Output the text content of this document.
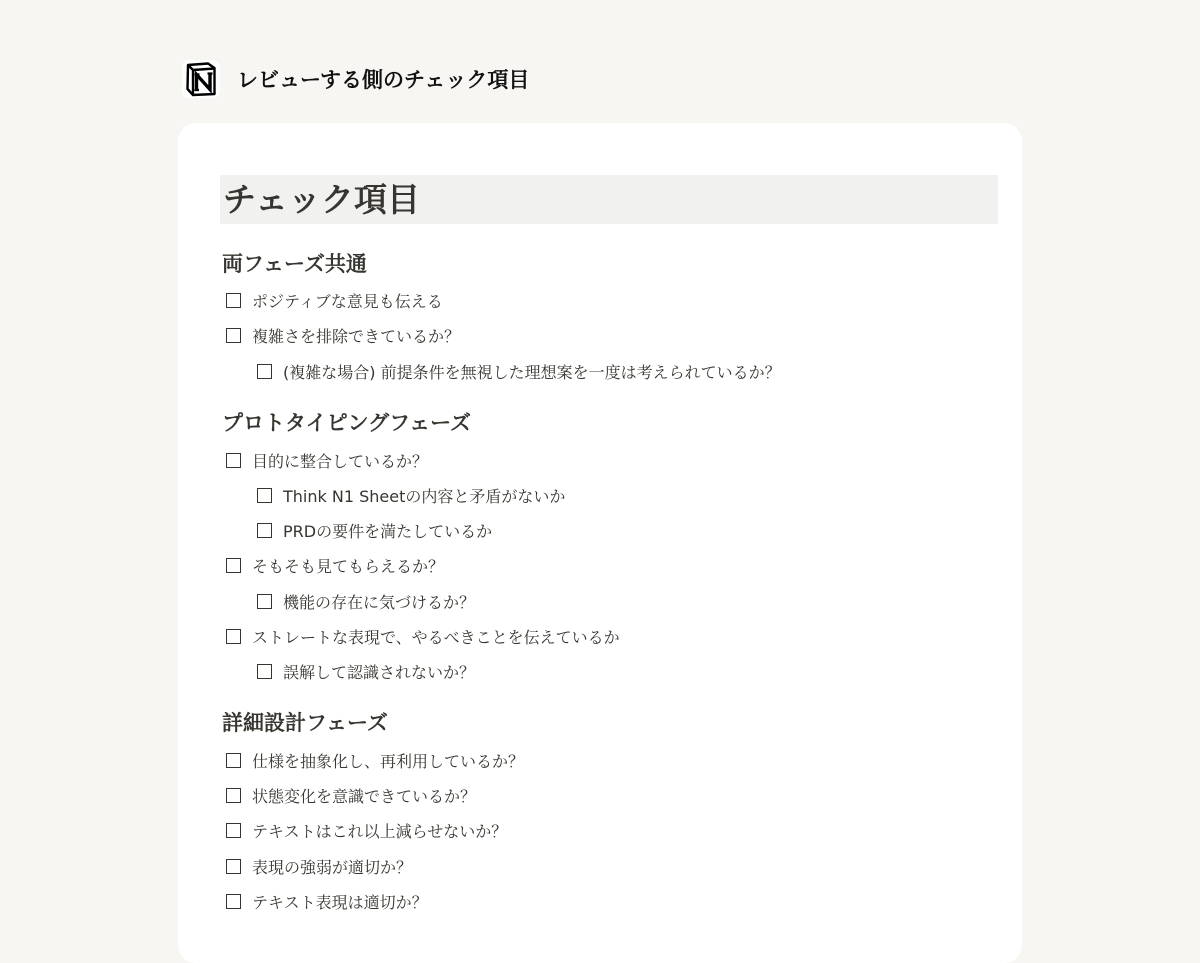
レビューする側のチェック項目
チェック項目
両フェーズ共通
ポジティブな意見も伝える
複雑さを排除できているか？
(複雑な場合) 前提条件を無視した理想案を一度は考えられているか？
プロトタイピングフェーズ
目的に整合しているか？
Think N1 Sheetの内容と矛盾がないか
PRDの要件を満たしているか
そもそも見てもらえるか？
機能の存在に気づけるか？
ストレートな表現で、やるべきことを伝えているか
誤解して認識されないか？
詳細設計フェーズ
仕様を抽象化し、再利用しているか？
状態変化を意識できているか？
テキストはこれ以上減らせないか？
表現の強弱が適切か？
テキスト表現は適切か？
